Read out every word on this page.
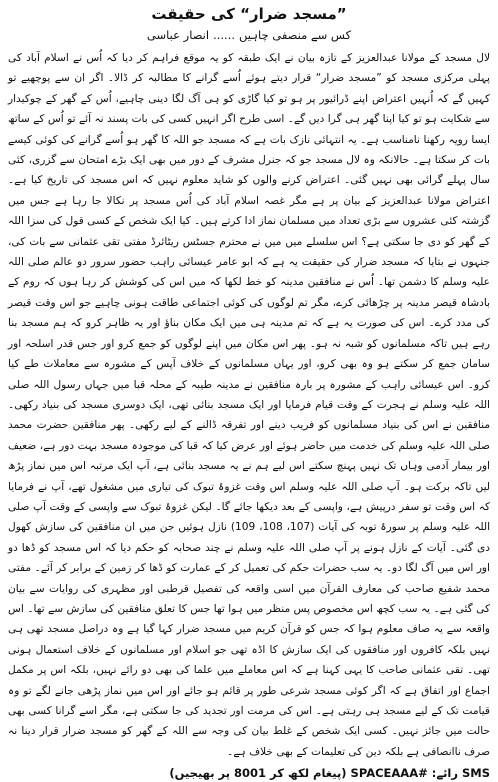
”مسجد ضرار“ کی حقیقت
کس سے منصفی چاہیں......انصار عباسی

لال مسجد کے مولانا عبدالعزیز کے تازہ بیان نے ایک طبقہ کو یہ موقع فراہم کر دیا کہ اُس نے اسلام آباد کی پہلی مرکزی مسجد کو ”مسجد ضرار“ قرار دیتے ہوئے اُسے گرانے کا مطالبہ کر ڈالا۔ اگر ان سے پوچھیے تو کہیں گے کہ اُنہیں اعتراض اپنے ڈرائیور پر ہو تو کیا گاڑی کو ہی آگ لگا دینی چاہیے، اُس کے گھر کے چوکیدار سے شکایت ہو تو کیا اپنا گھر ہی گرا دیں گے۔ اسی طرح اگر انہیں کسی کی بات پسند نہ آئے تو اُس کے ساتھ ایسا رویہ رکھنا نامناسب ہے۔ یہ انتہائی نازک بات ہے کہ مسجد جو اللہ کا گھر ہو اُسے گرانے کی کوئی کیسے بات کر سکتا ہے۔ حالانکہ وہ لال مسجد جو کہ جنرل مشرف کے دور میں بھی ایک بڑے امتحان سے گزری، کئی سال پہلے گرائی بھی نہیں گئی۔ اعتراض کرنے والوں کو شاید معلوم نہیں کہ اس مسجد کی تاریخ کیا ہے۔ اعتراض مولانا عبدالعزیز کے بیان پر ہے مگر غصہ اسلام آباد کی اُس مسجد پر نکالا جا رہا ہے جس میں گزشتہ کئی عشروں سے بڑی تعداد میں مسلمان نماز ادا کرتے ہیں۔ کیا ایک شخص کے کسی قول کی سزا اللہ کے گھر کو دی جا سکتی ہے؟ اس سلسلے میں میں نے محترم جسٹس ریٹائرڈ مفتی تقی عثمانی سے بات کی، جنہوں نے بتایا کہ مسجد ضرار کی حقیقت یہ ہے کہ ابو عامر عیسائی راہب حضور سرور دو عالم صلی اللہ علیہ وسلم کا دشمن تھا۔ اُس نے منافقین مدینہ کو خط لکھا کہ میں اس کی کوشش کر رہا ہوں کہ روم کے بادشاہ قیصر مدینہ پر چڑھائی کرے، مگر تم لوگوں کی کوئی اجتماعی طاقت ہونی چاہیے جو اس وقت قیصر کی مدد کرے۔ اس کی صورت یہ ہے کہ تم مدینہ ہی میں ایک مکان بناؤ اور یہ ظاہر کرو کہ ہم مسجد بنا رہے ہیں تاکہ مسلمانوں کو شبہ نہ ہو۔ پھر اس مکان میں اپنے لوگوں کو جمع کرو اور جس قدر اسلحہ اور سامان جمع کر سکتے ہو وہ بھی کرو، اور یہاں مسلمانوں کے خلاف آپس کے مشورہ سے معاملات طے کیا کرو۔ اس عیسائی راہب کے مشورہ پر بارہ منافقین نے مدینہ طیبہ کے محلہ قبا میں جہاں رسول اللہ صلی اللہ علیہ وسلم نے ہجرت کے وقت قیام فرمایا اور ایک مسجد بنائی تھی، ایک دوسری مسجد کی بنیاد رکھی۔ منافقین نے اس کی بنیاد مسلمانوں کو فریب دینے اور تفرقہ ڈالنے کے لیے رکھی۔ پھر منافقین حضرت محمد صلی اللہ علیہ وسلم کی خدمت میں حاضر ہوئے اور عرض کیا کہ قبا کی موجودہ مسجد بہت دور ہے، ضعیف اور بیمار آدمی وہاں تک نہیں پہنچ سکتے اس لیے ہم نے یہ مسجد بنائی ہے، آپ ایک مرتبہ اس میں نماز پڑھ لیں تاکہ برکت ہو۔ آپ صلی اللہ علیہ وسلم اس وقت غزوۂ تبوک کی تیاری میں مشغول تھے، آپ نے فرمایا کہ اس وقت تو سفر درپیش ہے، واپسی کے بعد دیکھا جائے گا۔ لیکن غزوۂ تبوک سے واپسی کے وقت آپ صلی اللہ علیہ وسلم پر سورۂ توبہ کی آیات (107، 108، 109) نازل ہوئیں جن میں ان منافقین کی سازش کھول دی گئی۔ آیات کے نازل ہونے پر آپ صلی اللہ علیہ وسلم نے چند صحابہ کو حکم دیا کہ اس مسجد کو ڈھا دو اور اس میں آگ لگا دو۔ یہ سب حضرات حکم کی تعمیل کر کے عمارت کو ڈھا کر زمین کے برابر کر آئے۔ مفتی محمد شفیع صاحب کی معارف القرآن میں اسی واقعہ کی تفصیل قرطبی اور مظہری کی روایات سے بیان کی گئی ہے۔ یہ سب کچھ اس مخصوص پس منظر میں ہوا تھا جس کا تعلق منافقین کی سازش سے تھا۔ اس واقعہ سے یہ صاف معلوم ہوا کہ جس کو قرآن کریم میں مسجد ضرار کہا گیا ہے وہ دراصل مسجد تھی ہی نہیں بلکہ کافروں اور منافقوں کی ایک سازش کا اڈہ تھی جو اسلام اور مسلمانوں کے خلاف استعمال ہونی تھی۔ تقی عثمانی صاحب کا یہی کہنا ہے کہ اس معاملے میں علما کی بھی دو رائے نہیں، بلکہ اس پر مکمل اجماع اور اتفاق ہے کہ اگر کوئی مسجد شرعی طور پر قائم ہو جائے اور اس میں نماز پڑھی جانے لگے تو وہ قیامت تک کے لیے مسجد ہی رہتی ہے۔ اس کی مرمت اور تجدید کی جا سکتی ہے، مگر اسے گرانا کسی بھی حالت میں جائز نہیں۔ کسی ایک شخص کے غلط بیان کی وجہ سے اللہ کے گھر کو مسجد ضرار قرار دینا نہ صرف ناانصافی ہے بلکہ دین کی تعلیمات کے بھی خلاف ہے۔

SMS رائے: #SPACEAAA (پیغام لکھ کر 8001 پر بھیجیں)
